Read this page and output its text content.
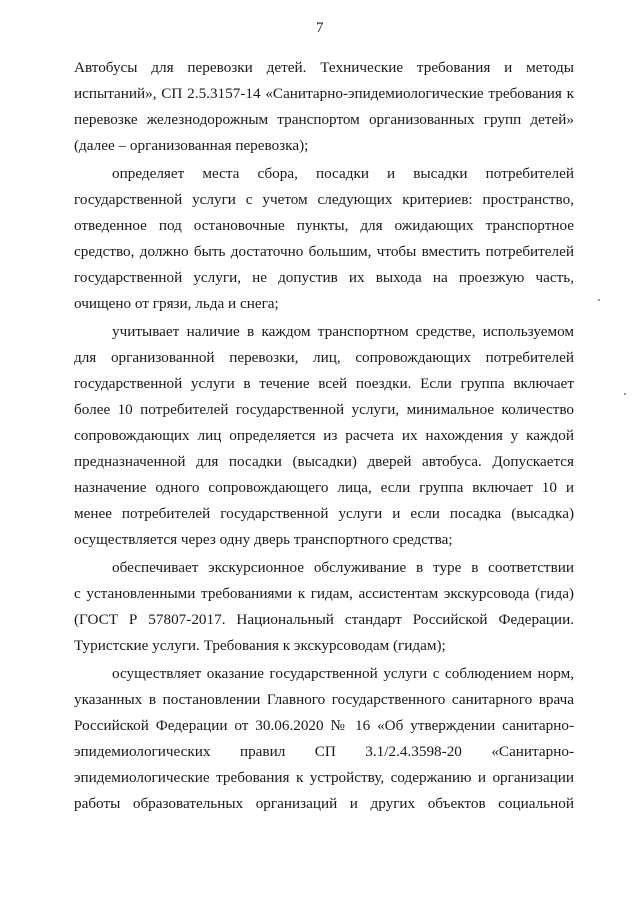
7
Автобусы для перевозки детей. Технические требования и методы
испытаний», СП 2.5.3157-14 «Санитарно-эпидемиологические требования к
перевозке железнодорожным транспортом организованных групп детей»
(далее – организованная перевозка);
определяет места сбора, посадки и высадки потребителей
государственной услуги с учетом следующих критериев: пространство,
отведенное под остановочные пункты, для ожидающих транспортное
средство, должно быть достаточно большим, чтобы вместить потребителей
государственной услуги, не допустив их выхода на проезжую часть,
очищено от грязи, льда и снега;
учитывает наличие в каждом транспортном средстве, используемом
для организованной перевозки, лиц, сопровождающих потребителей
государственной услуги в течение всей поездки. Если группа включает
более 10 потребителей государственной услуги, минимальное количество
сопровождающих лиц определяется из расчета их нахождения у каждой
предназначенной для посадки (высадки) дверей автобуса. Допускается
назначение одного сопровождающего лица, если группа включает 10 и
менее потребителей государственной услуги и если посадка (высадка)
осуществляется через одну дверь транспортного средства;
обеспечивает экскурсионное обслуживание в туре в соответствии
с установленными требованиями к гидам, ассистентам экскурсовода (гида)
(ГОСТ Р 57807-2017. Национальный стандарт Российской Федерации.
Туристские услуги. Требования к экскурсоводам (гидам);
осуществляет оказание государственной услуги с соблюдением норм,
указанных в постановлении Главного государственного санитарного врача
Российской Федерации от 30.06.2020 № 16 «Об утверждении санитарно-
эпидемиологических правил СП 3.1/2.4.3598-20 «Санитарно-
эпидемиологические требования к устройству, содержанию и организации
работы образовательных организаций и других объектов социальной
